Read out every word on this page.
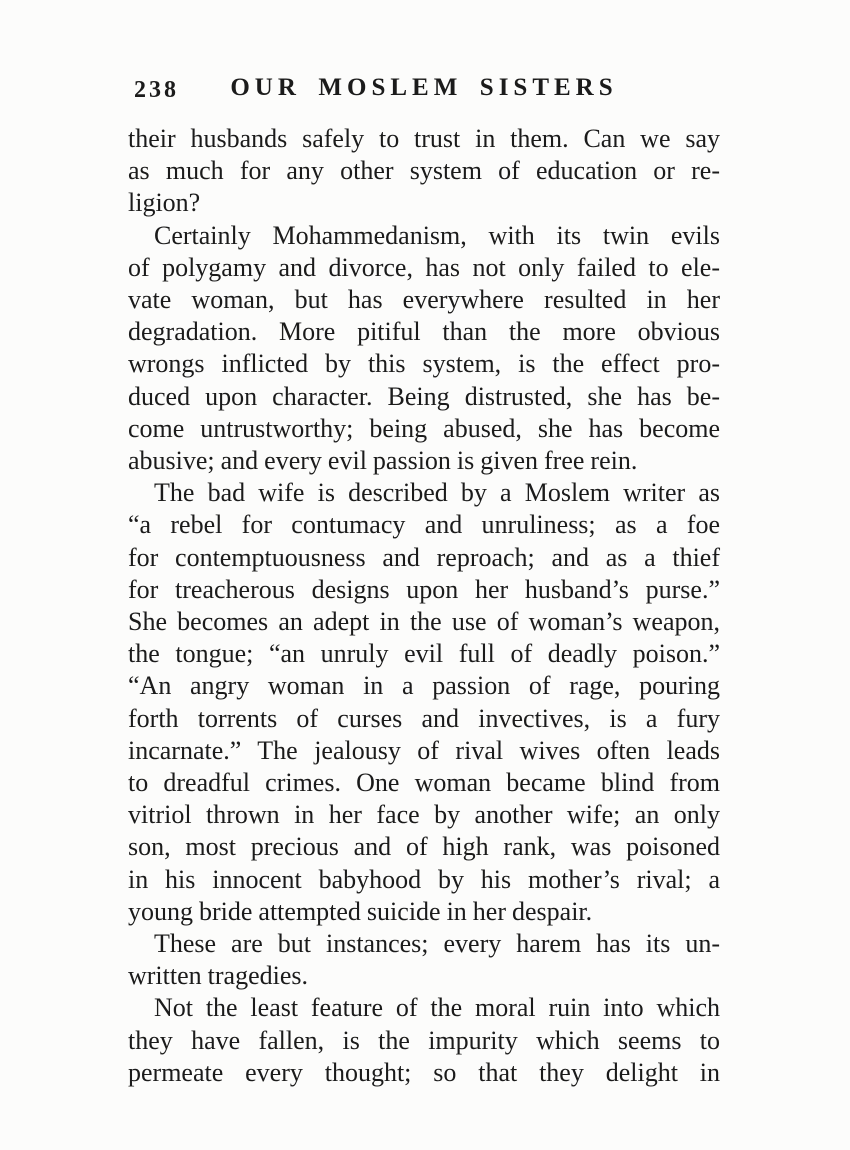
238	OUR MOSLEM SISTERS
their husbands safely to trust in them. Can we say
as much for any other system of education or re-
ligion?
Certainly Mohammedanism, with its twin evils
of polygamy and divorce, has not only failed to ele-
vate woman, but has everywhere resulted in her
degradation. More pitiful than the more obvious
wrongs inflicted by this system, is the effect pro-
duced upon character. Being distrusted, she has be-
come untrustworthy; being abused, she has become
abusive; and every evil passion is given free rein.
The bad wife is described by a Moslem writer as
“a rebel for contumacy and unruliness; as a foe
for contemptuousness and reproach; and as a thief
for treacherous designs upon her husband’s purse.”
She becomes an adept in the use of woman’s weapon,
the tongue; “an unruly evil full of deadly poison.”
“An angry woman in a passion of rage, pouring
forth torrents of curses and invectives, is a fury
incarnate.” The jealousy of rival wives often leads
to dreadful crimes. One woman became blind from
vitriol thrown in her face by another wife; an only
son, most precious and of high rank, was poisoned
in his innocent babyhood by his mother’s rival; a
young bride attempted suicide in her despair.
These are but instances; every harem has its un-
written tragedies.
Not the least feature of the moral ruin into which
they have fallen, is the impurity which seems to
permeate every thought; so that they delight in
